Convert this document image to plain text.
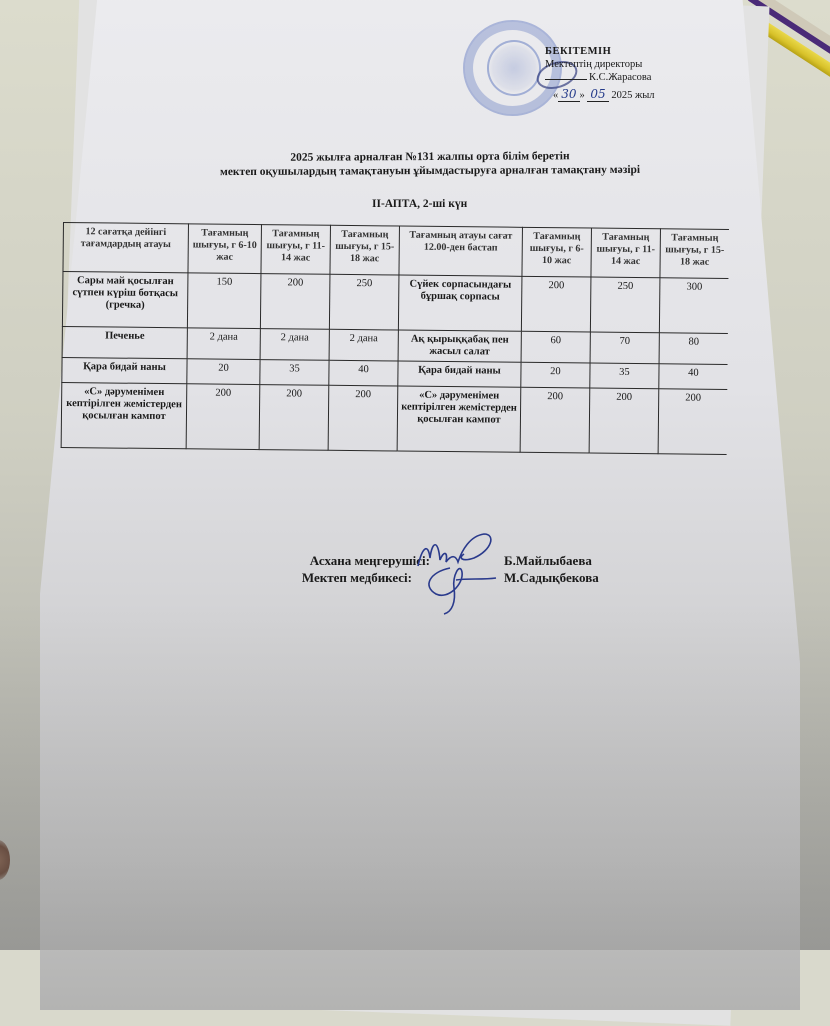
БЕКІТЕМІН
Мектептің директоры
К.С.Жарасова
« 30 » 05 2025 жыл
2025 жылға арналған №131 жалпы орта білім беретін
мектеп оқушылардың тамақтануын ұйымдастыруға арналған тамақтану мәзірі
ІІ-АПТА, 2-ші күн
12 сағатқа дейінгі тағамдардың атауы	Тағамның шығуы, г 6-10 жас	Тағамның шығуы, г 11-14 жас	Тағамның шығуы, г 15-18 жас	Тағамның атауы сағат 12.00-ден бастап	Тағамның шығуы, г 6-10 жас	Тағамның шығуы, г 11-14 жас	Тағамның шығуы, г 15-18 жас
Сары май қосылған сүтпен күріш ботқасы (гречка)	150	200	250	Сүйек сорпасындағы бұршақ сорпасы	200	250	300
Печенье	2 дана	2 дана	2 дана	Ақ қырыққабақ пен жасыл салат	60	70	80
Қара бидай наны	20	35	40	Қара бидай наны	20	35	40
«С» дәруменімен кептірілген жемістерден қосылған кампот	200	200	200	«С» дәруменімен кептірілген жемістерден қосылған кампот	200	200	200
Асхана меңгерушісі:	Б.Майлыбаева
Мектеп медбикесі:	М.Садықбекова
